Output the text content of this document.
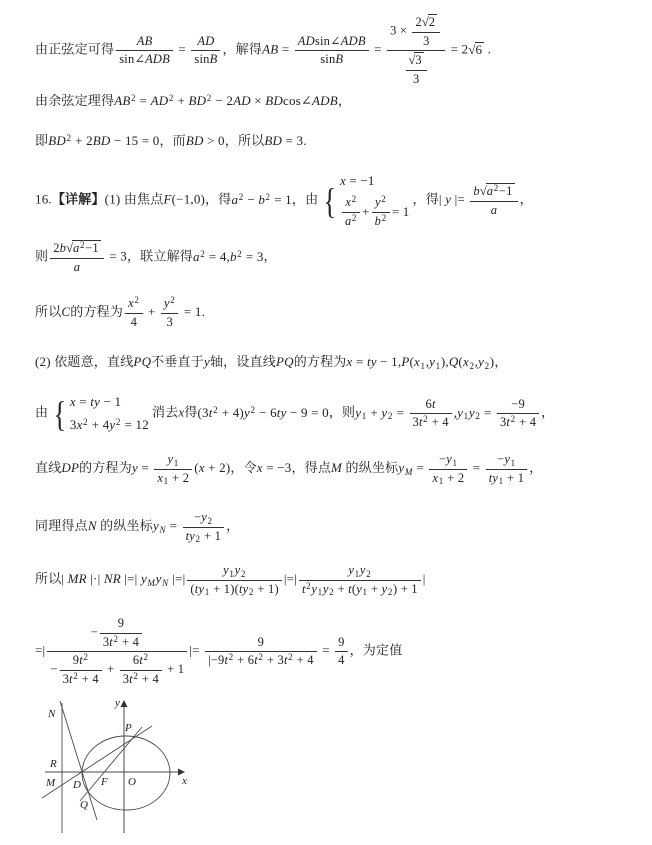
由正弦定可得 $\frac{AB}{\text{sin∠ADB}} = \frac{AD}{\sin B}$ ，解得AB = $\frac{\text{ADsin∠ADB}}{\sin B} = \frac{3 \times \frac{2√2}{3}}{\frac{√3}{3}} = 2√6$ .
由余弦定理得$AB^2 = AD^2 + BD^2 - 2AD$ × BDcos∠ADB，
即$BD^2 + 2BD - 15 = 0$，而BD > 0，所以BD = 3.
16.【详解】(1) 由焦点F(−1,0)，得$a^2 - b^2 = 1$，由 {
x = −1
$\frac{x^2}{a^2} + \frac{y^2}{b^2} = 1$
，得| y |= $\frac{b√a^2-1}{a}$ ，
则 $\frac{2b√a^2-1}{a} = 3$，联立解得$a^2 = 4,b^2 = 3$，
所以C的方程为 $\frac{x^2}{4} + \frac{y^2}{3} = 1$.
(2) 依题意，直线PQ不垂直于y轴，设直线PQ的方程为x = ty − $1,P(x_1,y_1),Q(x_2,y_2)$，
由 { x = ty − 1
$3x^2 + 4y^2 = 12$
消去x得$(3t^2 + 4)y^2 - 6ty - 9 = 0$，则$y_1 + y_2 = \frac{6t}{3t^2 + 4} ,y_1y_2 = \frac{-9}{3t^2 + 4}$ ，
直线DP的方程为$y = \frac{y_1}{x_1 + 2} (x + 2)$，令x = −3，得点M 的纵坐标$y_M = \frac{-y_1}{x_1 + 2} = \frac{-y_1}{ty_1 + 1}$ ，
同理得点N 的纵坐标$y_N = \frac{-y_2}{ty_2 + 1}$ ，
所以| MR |·| NR |=| $y_My_N$ |=| $\frac{y_1y_2}{(ty_1 + 1)(ty_2 + 1)}$ |=| $\frac{y_1y_2}{t^2y_1y_2 + t(y_1 + y_2) + 1}$ |
=| $\frac{- \frac{9}{3t^2 + 4}}{- \frac{9t^2}{3t^2 + 4} + \frac{6t^2}{3t^2 + 4} + 1}$ |= $\frac{9}{|-9t^2 + 6t^2 + 3t^2 + 4} = \frac{9}{4}$ ，为定值
N
R
M D
Q
F O
P
x
y
